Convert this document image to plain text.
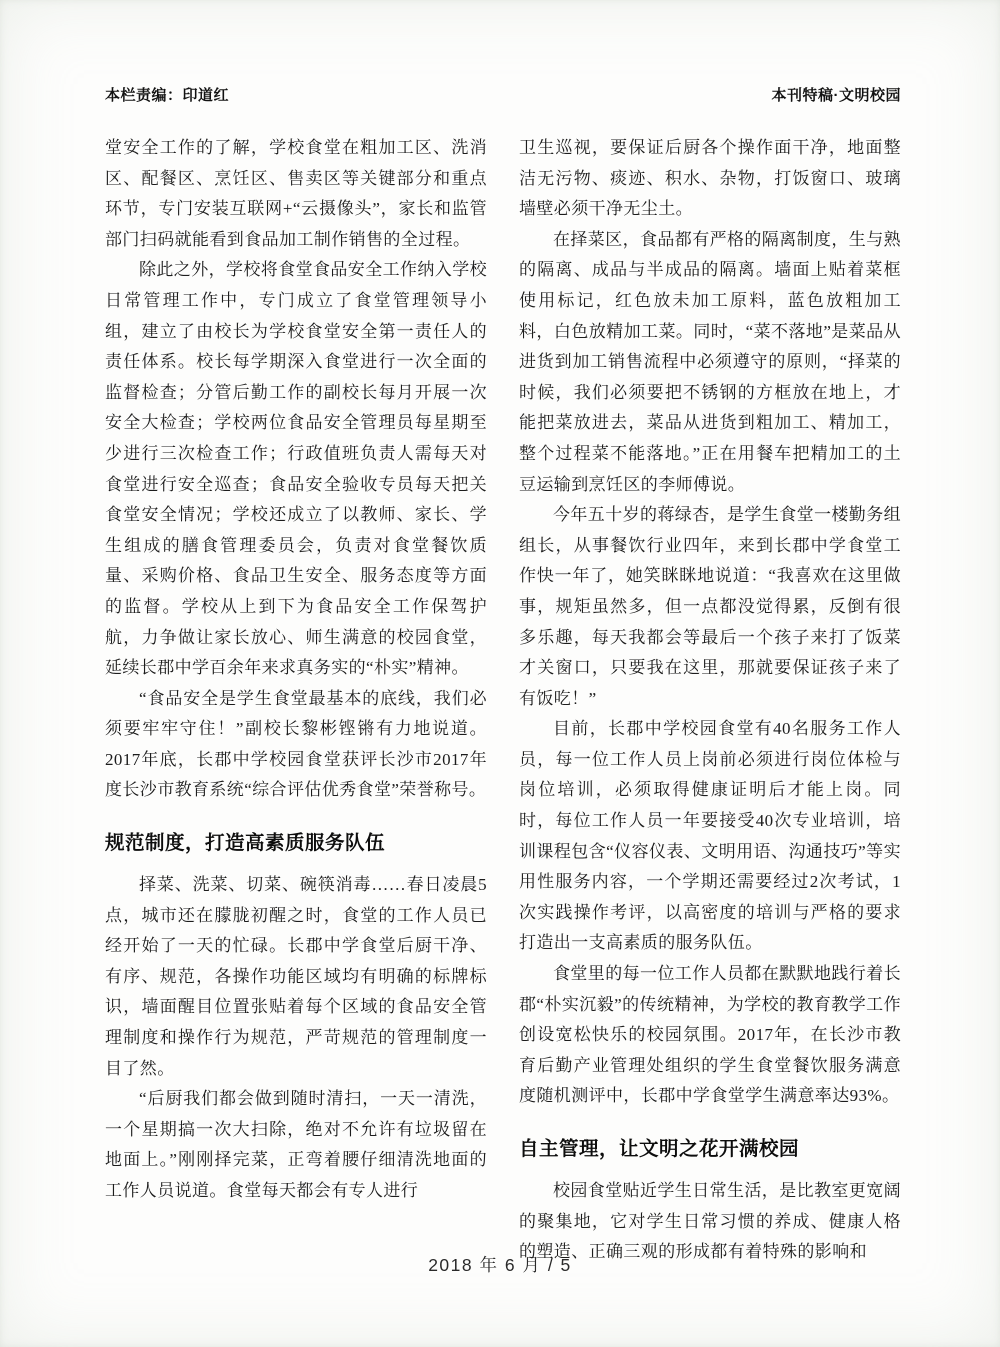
本栏责编：印道红	本刊特稿·文明校园

堂安全工作的了解，学校食堂在粗加工区、洗消区、配餐区、烹饪区、售卖区等关键部分和重点环节，专门安装互联网+“云摄像头”，家长和监管部门扫码就能看到食品加工制作销售的全过程。

除此之外，学校将食堂食品安全工作纳入学校日常管理工作中，专门成立了食堂管理领导小组，建立了由校长为学校食堂安全第一责任人的责任体系。校长每学期深入食堂进行一次全面的监督检查；分管后勤工作的副校长每月开展一次安全大检查；学校两位食品安全管理员每星期至少进行三次检查工作；行政值班负责人需每天对食堂进行安全巡查；食品安全验收专员每天把关食堂安全情况；学校还成立了以教师、家长、学生组成的膳食管理委员会，负责对食堂餐饮质量、采购价格、食品卫生安全、服务态度等方面的监督。学校从上到下为食品安全工作保驾护航，力争做让家长放心、师生满意的校园食堂，延续长郡中学百余年来求真务实的“朴实”精神。

“食品安全是学生食堂最基本的底线，我们必须要牢牢守住！”副校长黎彬铿锵有力地说道。2017年底，长郡中学校园食堂获评长沙市2017年度长沙市教育系统“综合评估优秀食堂”荣誉称号。

规范制度，打造高素质服务队伍

择菜、洗菜、切菜、碗筷消毒……春日凌晨5点，城市还在朦胧初醒之时，食堂的工作人员已经开始了一天的忙碌。长郡中学食堂后厨干净、有序、规范，各操作功能区域均有明确的标牌标识，墙面醒目位置张贴着每个区域的食品安全管理制度和操作行为规范，严苛规范的管理制度一目了然。

“后厨我们都会做到随时清扫，一天一清洗，一个星期搞一次大扫除，绝对不允许有垃圾留在地面上。”刚刚择完菜，正弯着腰仔细清洗地面的工作人员说道。食堂每天都会有专人进行

卫生巡视，要保证后厨各个操作面干净，地面整洁无污物、痰迹、积水、杂物，打饭窗口、玻璃墙壁必须干净无尘土。

在择菜区，食品都有严格的隔离制度，生与熟的隔离、成品与半成品的隔离。墙面上贴着菜框使用标记，红色放未加工原料，蓝色放粗加工料，白色放精加工菜。同时，“菜不落地”是菜品从进货到加工销售流程中必须遵守的原则，“择菜的时候，我们必须要把不锈钢的方框放在地上，才能把菜放进去，菜品从进货到粗加工、精加工，整个过程菜不能落地。”正在用餐车把精加工的土豆运输到烹饪区的李师傅说。

今年五十岁的蒋绿杏，是学生食堂一楼勤务组组长，从事餐饮行业四年，来到长郡中学食堂工作快一年了，她笑眯眯地说道：“我喜欢在这里做事，规矩虽然多，但一点都没觉得累，反倒有很多乐趣，每天我都会等最后一个孩子来打了饭菜才关窗口，只要我在这里，那就要保证孩子来了有饭吃！”

目前，长郡中学校园食堂有40名服务工作人员，每一位工作人员上岗前必须进行岗位体检与岗位培训，必须取得健康证明后才能上岗。同时，每位工作人员一年要接受40次专业培训，培训课程包含“仪容仪表、文明用语、沟通技巧”等实用性服务内容，一个学期还需要经过2次考试，1次实践操作考评，以高密度的培训与严格的要求打造出一支高素质的服务队伍。

食堂里的每一位工作人员都在默默地践行着长郡“朴实沉毅”的传统精神，为学校的教育教学工作创设宽松快乐的校园氛围。2017年，在长沙市教育后勤产业管理处组织的学生食堂餐饮服务满意度随机测评中，长郡中学食堂学生满意率达93%。

自主管理，让文明之花开满校园

校园食堂贴近学生日常生活，是比教室更宽阔的聚集地，它对学生日常习惯的养成、健康人格的塑造、正确三观的形成都有着特殊的影响和

2018 年 6 月 / 5
